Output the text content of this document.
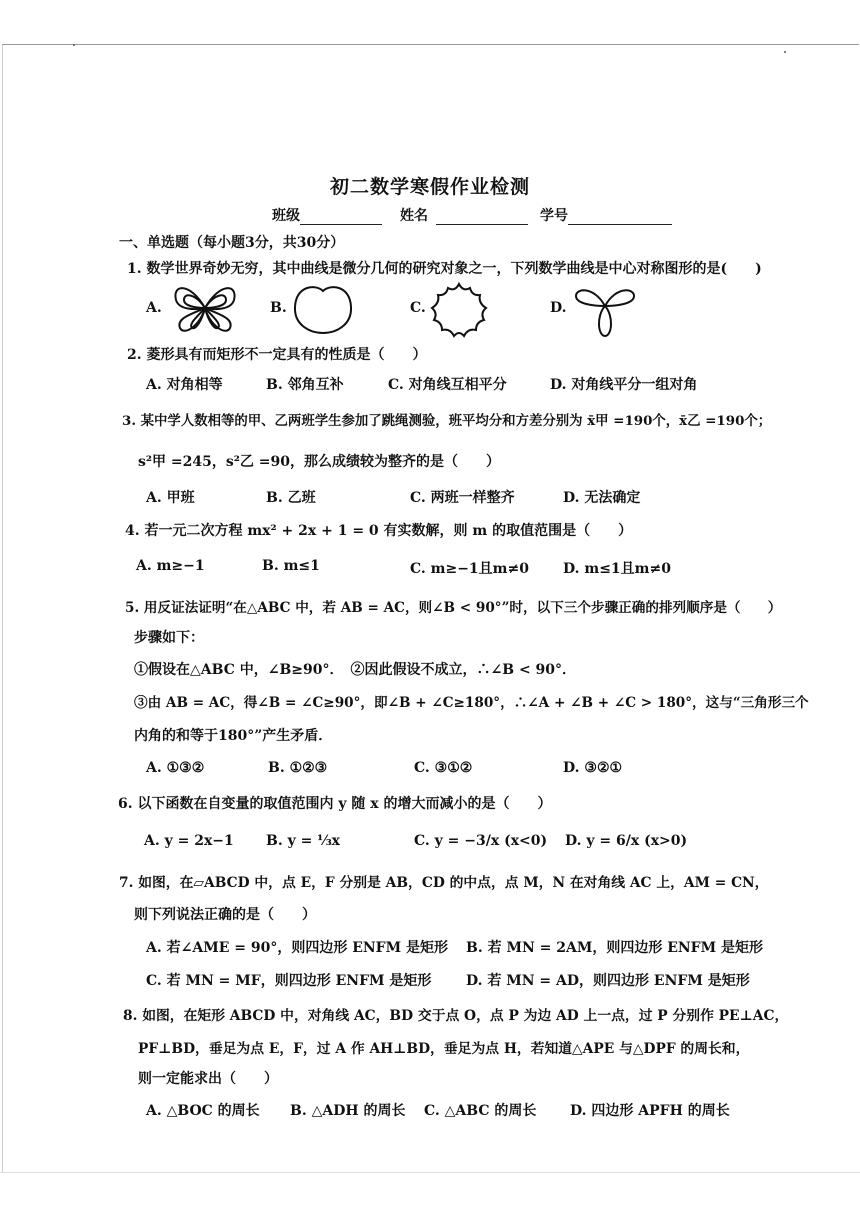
初二数学寒假作业检测
班级	姓名	学号
一、单选题（每小题3分，共30分）
1. 数学世界奇妙无穷，其中曲线是微分几何的研究对象之一，下列数学曲线是中心对称图形的是(　　)
A.	B.	C.	D.
2. 菱形具有而矩形不一定具有的性质是（　　）
A. 对角相等	B. 邻角互补	C. 对角线互相平分	D. 对角线平分一组对角
3. 某中学人数相等的甲、乙两班学生参加了跳绳测验，班平均分和方差分别为 x̄甲 =190个，x̄乙 =190个；
s²甲 =245，s²乙 =90，那么成绩较为整齐的是（　　）
A. 甲班	B. 乙班	C. 两班一样整齐	D. 无法确定
4. 若一元二次方程 mx² + 2x + 1 = 0 有实数解，则 m 的取值范围是（　　）
A. m≥−1	B. m≤1	C. m≥−1且m≠0 D. m≤1且m≠0
5. 用反证法证明“在△ABC 中，若 AB = AC，则∠B < 90°”时，以下三个步骤正确的排列顺序是（　　）
步骤如下：
①假设在△ABC 中，∠B≥90°．　②因此假设不成立，∴∠B < 90°．
③由 AB = AC，得∠B = ∠C≥90°，即∠B + ∠C≥180°，∴∠A + ∠B + ∠C > 180°，这与“三角形三个
内角的和等于180°”产生矛盾．
A. ①③②	B. ①②③	C. ③①②	D. ③②①
6. 以下函数在自变量的取值范围内 y 随 x 的增大而减小的是（　　）
A. y = 2x−1 B. y = ⅓x	C. y = −3/x (x<0) D. y = 6/x (x>0)
7. 如图，在▱ABCD 中，点 E，F 分别是 AB，CD 的中点，点 M，N 在对角线 AC 上，AM = CN，
则下列说法正确的是（　　）
A. 若∠AME = 90°，则四边形 ENFM 是矩形 B. 若 MN = 2AM，则四边形 ENFM 是矩形
C. 若 MN = MF，则四边形 ENFM 是矩形 D. 若 MN = AD，则四边形 ENFM 是矩形
8. 如图，在矩形 ABCD 中，对角线 AC，BD 交于点 O，点 P 为边 AD 上一点，过 P 分别作 PE⊥AC，
PF⊥BD，垂足为点 E，F，过 A 作 AH⊥BD，垂足为点 H，若知道△APE 与△DPF 的周长和，
则一定能求出（　　）
A. △BOC 的周长 B. △ADH 的周长 C. △ABC 的周长 D. 四边形 APFH 的周长
